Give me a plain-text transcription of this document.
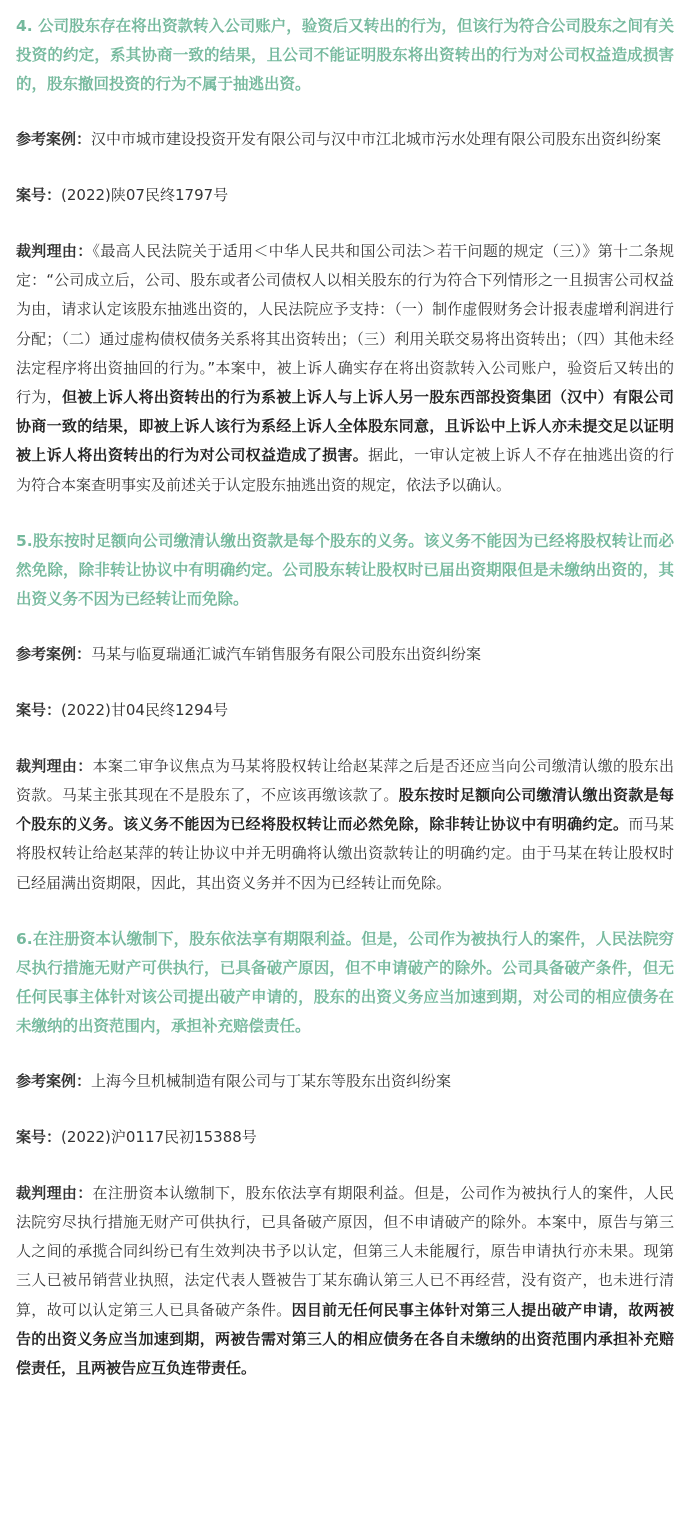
4. 公司股东存在将出资款转入公司账户，验资后又转出的行为，但该行为符合公司股东之间有关投资的约定，系其协商一致的结果，且公司不能证明股东将出资转出的行为对公司权益造成损害的，股东撤回投资的行为不属于抽逃出资。

参考案例：汉中市城市建设投资开发有限公司与汉中市江北城市污水处理有限公司股东出资纠纷案

案号：(2022)陕07民终1797号

裁判理由：《最高人民法院关于适用＜中华人民共和国公司法＞若干问题的规定（三）》第十二条规定：“公司成立后，公司、股东或者公司债权人以相关股东的行为符合下列情形之一且损害公司权益为由，请求认定该股东抽逃出资的，人民法院应予支持：（一）制作虚假财务会计报表虚增利润进行分配；（二）通过虚构债权债务关系将其出资转出；（三）利用关联交易将出资转出；（四）其他未经法定程序将出资抽回的行为。”本案中，被上诉人确实存在将出资款转入公司账户，验资后又转出的行为，但被上诉人将出资转出的行为系被上诉人与上诉人另一股东西部投资集团（汉中）有限公司协商一致的结果，即被上诉人该行为系经上诉人全体股东同意，且诉讼中上诉人亦未提交足以证明被上诉人将出资转出的行为对公司权益造成了损害。据此，一审认定被上诉人不存在抽逃出资的行为符合本案查明事实及前述关于认定股东抽逃出资的规定，依法予以确认。

5.股东按时足额向公司缴清认缴出资款是每个股东的义务。该义务不能因为已经将股权转让而必然免除，除非转让协议中有明确约定。公司股东转让股权时已届出资期限但是未缴纳出资的，其出资义务不因为已经转让而免除。

参考案例：马某与临夏瑞通汇诚汽车销售服务有限公司股东出资纠纷案

案号：(2022)甘04民终1294号

裁判理由：本案二审争议焦点为马某将股权转让给赵某萍之后是否还应当向公司缴清认缴的股东出资款。马某主张其现在不是股东了，不应该再缴该款了。股东按时足额向公司缴清认缴出资款是每个股东的义务。该义务不能因为已经将股权转让而必然免除，除非转让协议中有明确约定。而马某将股权转让给赵某萍的转让协议中并无明确将认缴出资款转让的明确约定。由于马某在转让股权时已经届满出资期限，因此，其出资义务并不因为已经转让而免除。

6.在注册资本认缴制下，股东依法享有期限利益。但是，公司作为被执行人的案件，人民法院穷尽执行措施无财产可供执行，已具备破产原因，但不申请破产的除外。公司具备破产条件，但无任何民事主体针对该公司提出破产申请的，股东的出资义务应当加速到期，对公司的相应债务在未缴纳的出资范围内，承担补充赔偿责任。

参考案例：上海今旦机械制造有限公司与丁某东等股东出资纠纷案

案号：(2022)沪0117民初15388号

裁判理由：在注册资本认缴制下，股东依法享有期限利益。但是，公司作为被执行人的案件，人民法院穷尽执行措施无财产可供执行，已具备破产原因，但不申请破产的除外。本案中，原告与第三人之间的承揽合同纠纷已有生效判决书予以认定，但第三人未能履行，原告申请执行亦未果。现第三人已被吊销营业执照，法定代表人暨被告丁某东确认第三人已不再经营，没有资产，也未进行清算，故可以认定第三人已具备破产条件。因目前无任何民事主体针对第三人提出破产申请，故两被告的出资义务应当加速到期，两被告需对第三人的相应债务在各自未缴纳的出资范围内承担补充赔偿责任，且两被告应互负连带责任。
